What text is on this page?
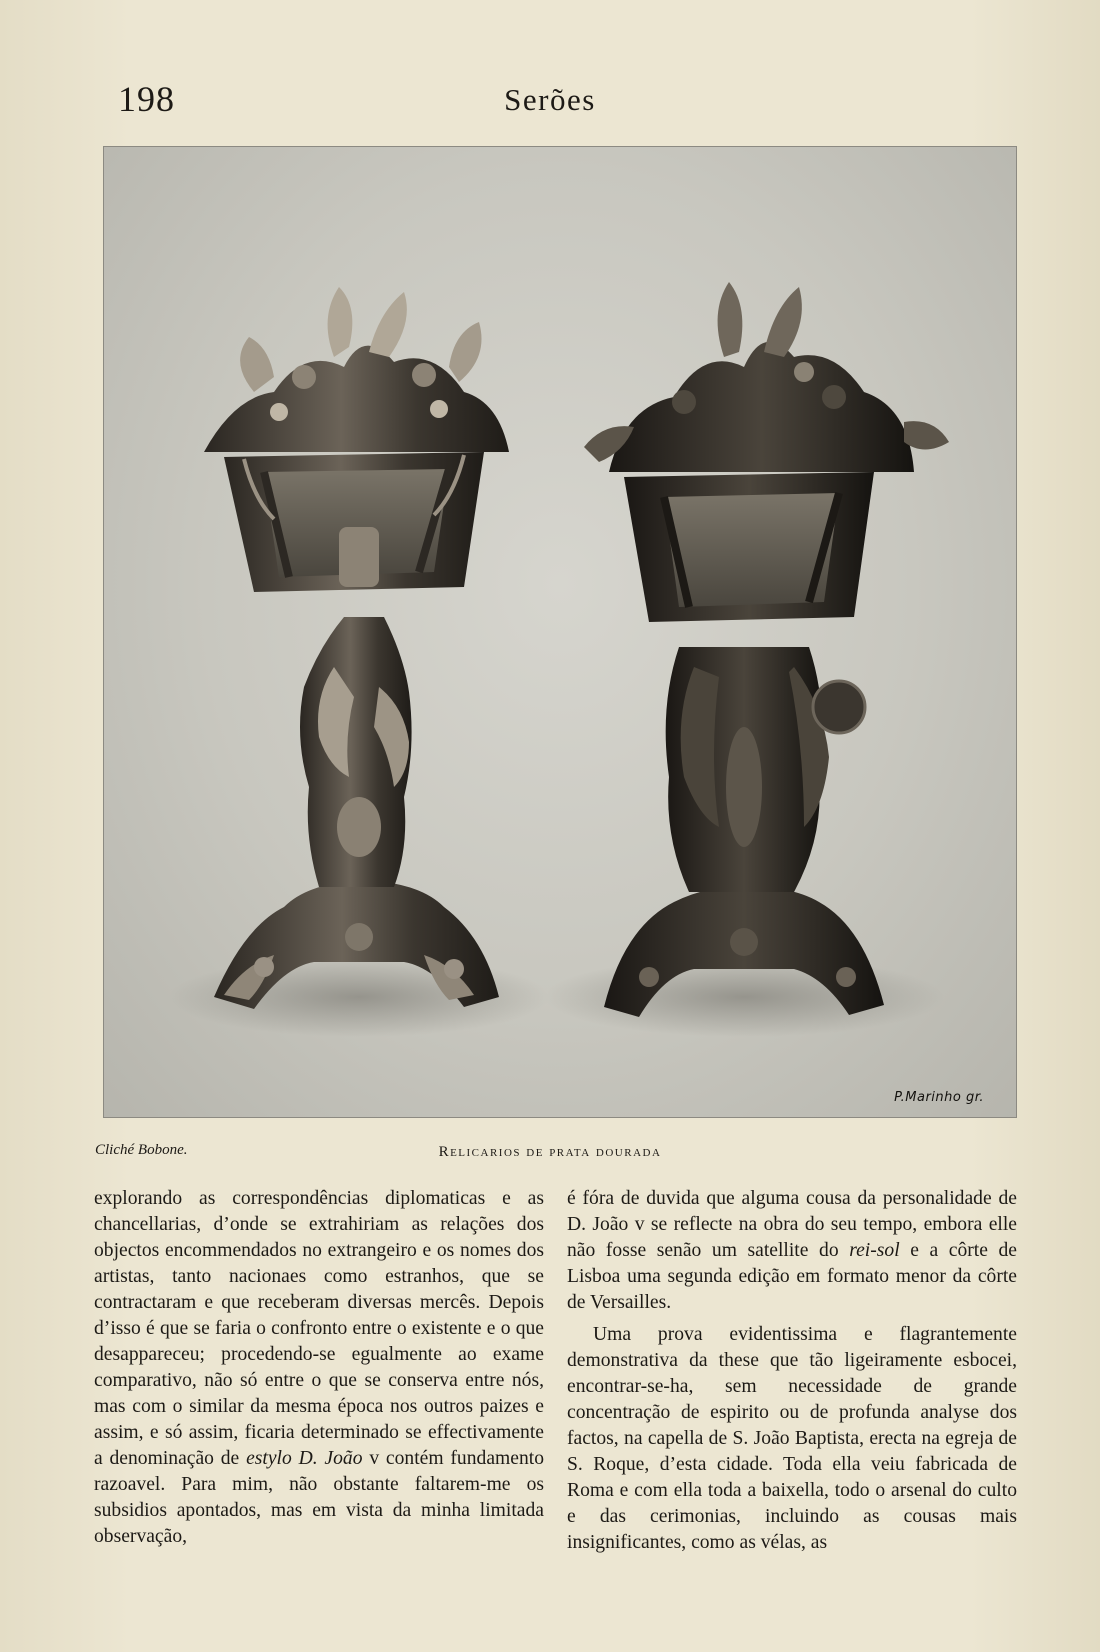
198	Serões
P.Marinho gr.
Cliché Bobone.	Relicarios de prata dourada

explorando as correspondências diplomaticas e as chancellarias, d’onde se extrahiriam as relações dos objectos encommendados no extrangeiro e os nomes dos artistas, tanto nacionaes como estranhos, que se contractaram e que receberam diversas mercês. Depois d’isso é que se faria o confronto entre o existente e o que desappareceu; procedendo-se egualmente ao exame comparativo, não só entre o que se conserva entre nós, mas com o similar da mesma época nos outros paizes e assim, e só assim, ficaria determinado se effectivamente a denominação de estylo D. João v contém fundamento razoavel. Para mim, não obstante faltarem-me os subsidios apontados, mas em vista da minha limitada observação,

é fóra de duvida que alguma cousa da personalidade de D. João v se reflecte na obra do seu tempo, embora elle não fosse senão um satellite do rei-sol e a côrte de Lisboa uma segunda edição em formato menor da côrte de Versailles.

Uma prova evidentissima e flagrantemente demonstrativa da these que tão ligeiramente esbocei, encontrar-se-ha, sem necessidade de grande concentração de espirito ou de profunda analyse dos factos, na capella de S. João Baptista, erecta na egreja de S. Roque, d’esta cidade. Toda ella veiu fabricada de Roma e com ella toda a baixella, todo o arsenal do culto e das cerimonias, incluindo as cousas mais insignificantes, como as vélas, as
